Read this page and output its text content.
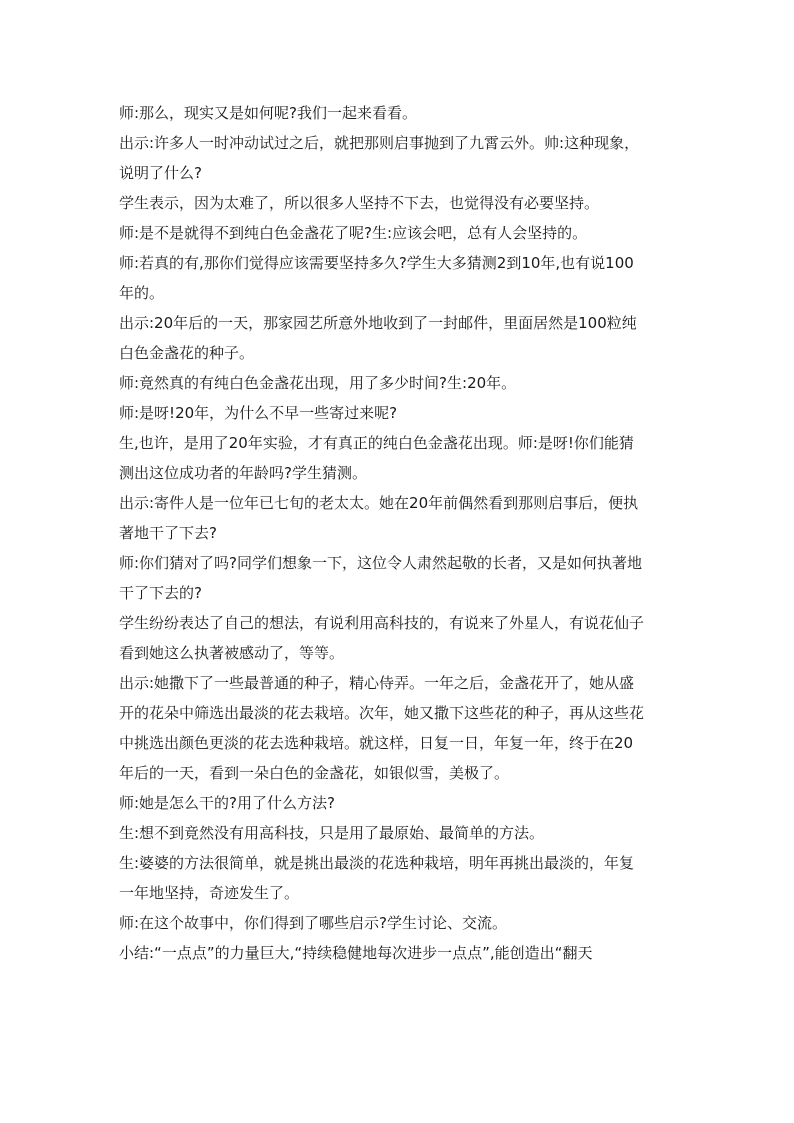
师:那么，现实又是如何呢?我们一起来看看。
出示:许多人一时冲动试过之后，就把那则启事抛到了九霄云外。帅:这种现象，
说明了什么?
学生表示，因为太难了，所以很多人坚持不下去，也觉得没有必要坚持。
师:是不是就得不到纯白色金盏花了呢?生:应该会吧，总有人会坚持的。
师:若真的有,那你们觉得应该需要坚持多久?学生大多猜测2到10年,也有说100
年的。
出示:20年后的一天，那家园艺所意外地收到了一封邮件，里面居然是100粒纯
白色金盏花的种子。
师:竟然真的有纯白色金盏花出现，用了多少时间?生:20年。
师:是呀!20年，为什么不早一些寄过来呢?
生,也许，是用了20年实验，才有真正的纯白色金盏花出现。师:是呀!你们能猜
测出这位成功者的年龄吗?学生猜测。
出示:寄件人是一位年已七旬的老太太。她在20年前偶然看到那则启事后，便执
著地干了下去?
师:你们猜对了吗?同学们想象一下，这位令人肃然起敬的长者，又是如何执著地
干了下去的?
学生纷纷表达了自己的想法，有说利用高科技的，有说来了外星人，有说花仙子
看到她这么执著被感动了，等等。
出示:她撒下了一些最普通的种子，精心侍弄。一年之后，金盏花开了，她从盛
开的花朵中筛选出最淡的花去栽培。次年，她又撒下这些花的种子，再从这些花
中挑选出颜色更淡的花去选种栽培。就这样，日复一日，年复一年，终于在20
年后的一天，看到一朵白色的金盏花，如银似雪，美极了。
师:她是怎么干的?用了什么方法?
生:想不到竟然没有用高科技，只是用了最原始、最简单的方法。
生:婆婆的方法很简单，就是挑出最淡的花选种栽培，明年再挑出最淡的，年复
一年地坚持，奇迹发生了。
师:在这个故事中，你们得到了哪些启示?学生讨论、交流。
小结:“一点点”的力量巨大,“持续稳健地每次进步一点点”,能创造出“翻天
